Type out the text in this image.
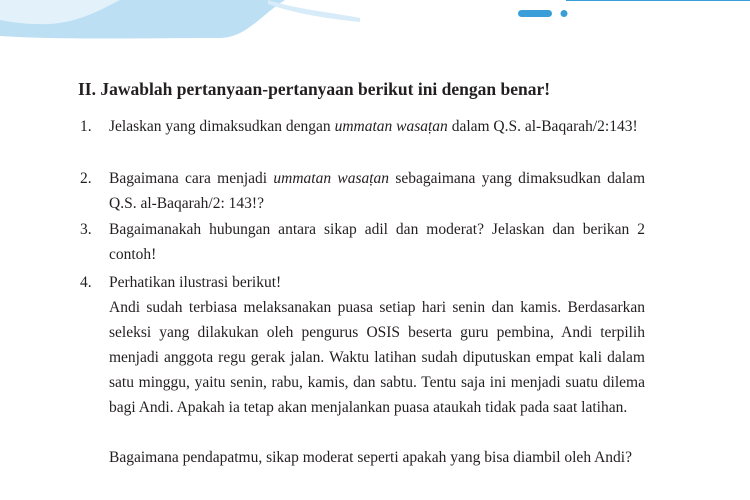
II. Jawablah pertanyaan-pertanyaan berikut ini dengan benar!
1. Jelaskan yang dimaksudkan dengan ummatan wasaṭan dalam Q.S. al-Baqarah/2:143!

2. Bagaimana cara menjadi ummatan wasaṭan sebagaimana yang dimaksudkan dalam Q.S. al-Baqarah/2: 143!?

3. Bagaimanakah hubungan antara sikap adil dan moderat? Jelaskan dan berikan 2 contoh!

4. Perhatikan ilustrasi berikut!

Andi sudah terbiasa melaksanakan puasa setiap hari senin dan kamis. Berdasarkan seleksi yang dilakukan oleh pengurus OSIS beserta guru pembina, Andi terpilih menjadi anggota regu gerak jalan. Waktu latihan sudah diputuskan empat kali dalam satu minggu, yaitu senin, rabu, kamis, dan sabtu. Tentu saja ini menjadi suatu dilema bagi Andi. Apakah ia tetap akan menjalankan puasa ataukah tidak pada saat latihan.

Bagaimana pendapatmu, sikap moderat seperti apakah yang bisa diambil oleh Andi?
